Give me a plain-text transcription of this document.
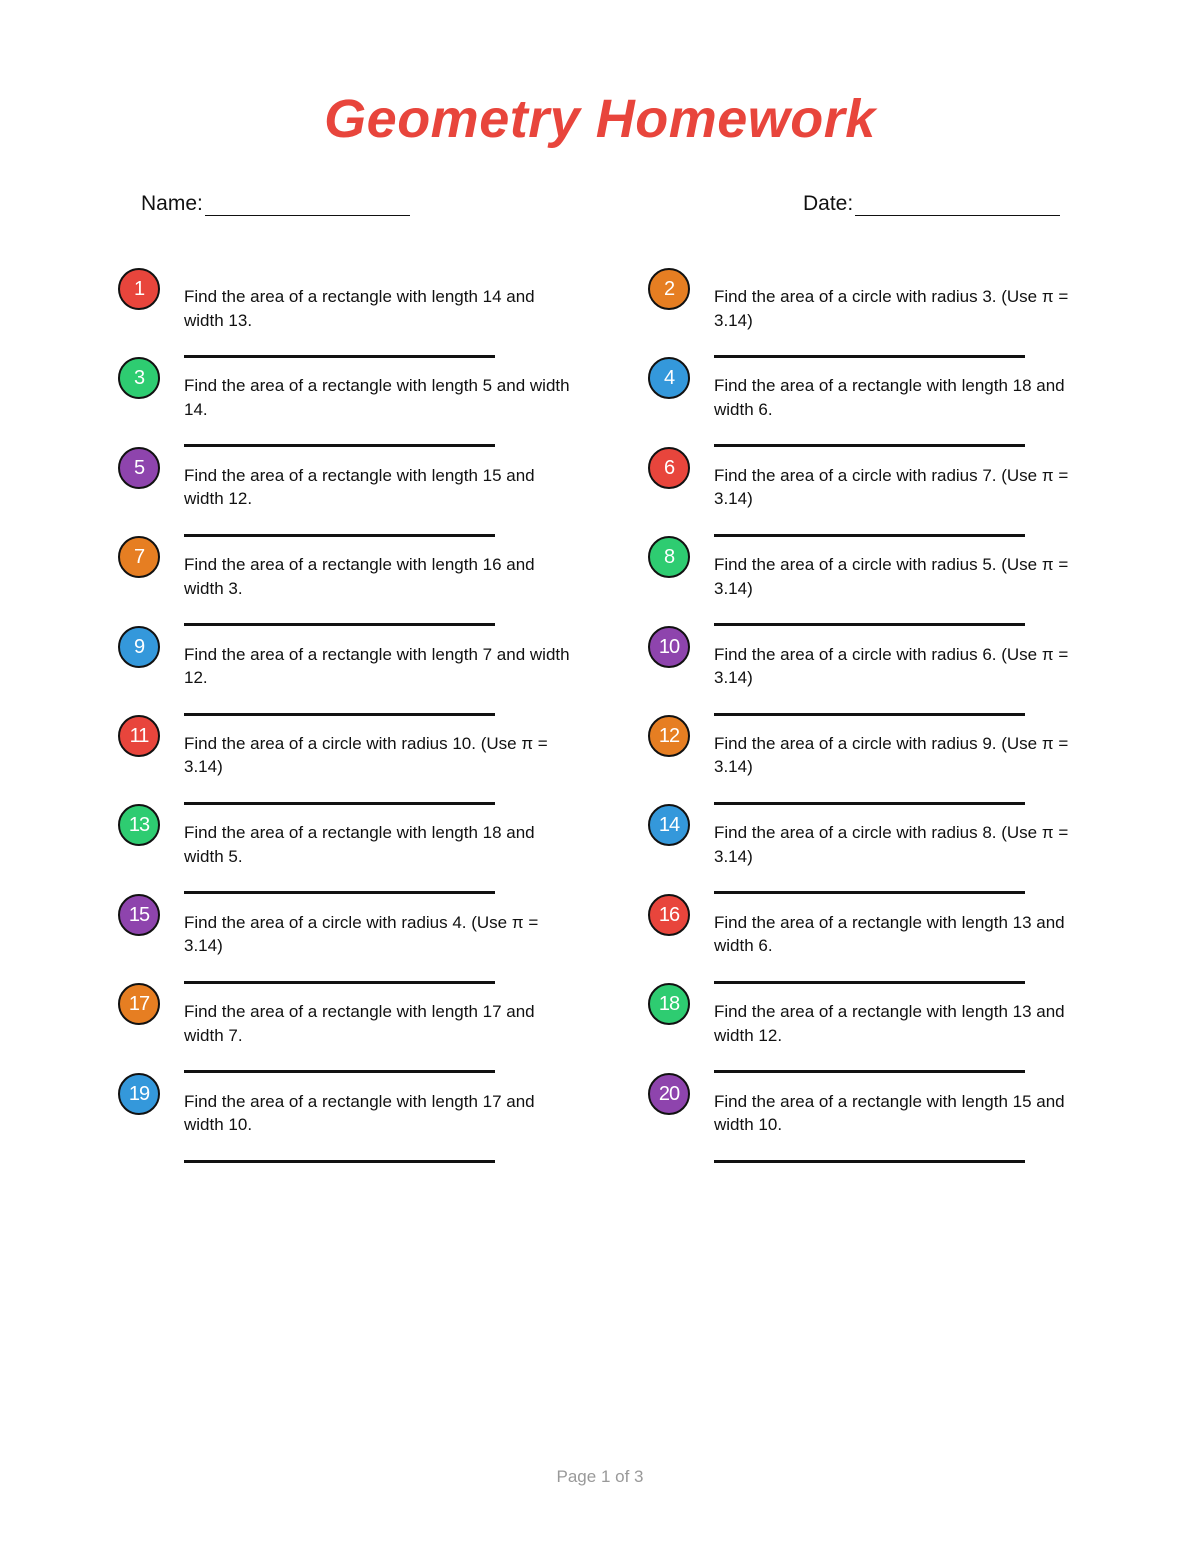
Geometry Homework
Name:	Date:
1	Find the area of a rectangle with length 14 and width 13.
3	Find the area of a rectangle with length 5 and width 14.
5	Find the area of a rectangle with length 15 and width 12.
7	Find the area of a rectangle with length 16 and width 3.
9	Find the area of a rectangle with length 7 and width 12.
11	Find the area of a circle with radius 10. (Use π = 3.14)
13	Find the area of a rectangle with length 18 and width 5.
15	Find the area of a circle with radius 4. (Use π = 3.14)
17	Find the area of a rectangle with length 17 and width 7.
19	Find the area of a rectangle with length 17 and width 10.
2	Find the area of a circle with radius 3. (Use π = 3.14)
4	Find the area of a rectangle with length 18 and width 6.
6	Find the area of a circle with radius 7. (Use π = 3.14)
8	Find the area of a circle with radius 5. (Use π = 3.14)
10	Find the area of a circle with radius 6. (Use π = 3.14)
12	Find the area of a circle with radius 9. (Use π = 3.14)
14	Find the area of a circle with radius 8. (Use π = 3.14)
16	Find the area of a rectangle with length 13 and width 6.
18	Find the area of a rectangle with length 13 and width 12.
20	Find the area of a rectangle with length 15 and width 10.
Page 1 of 3
